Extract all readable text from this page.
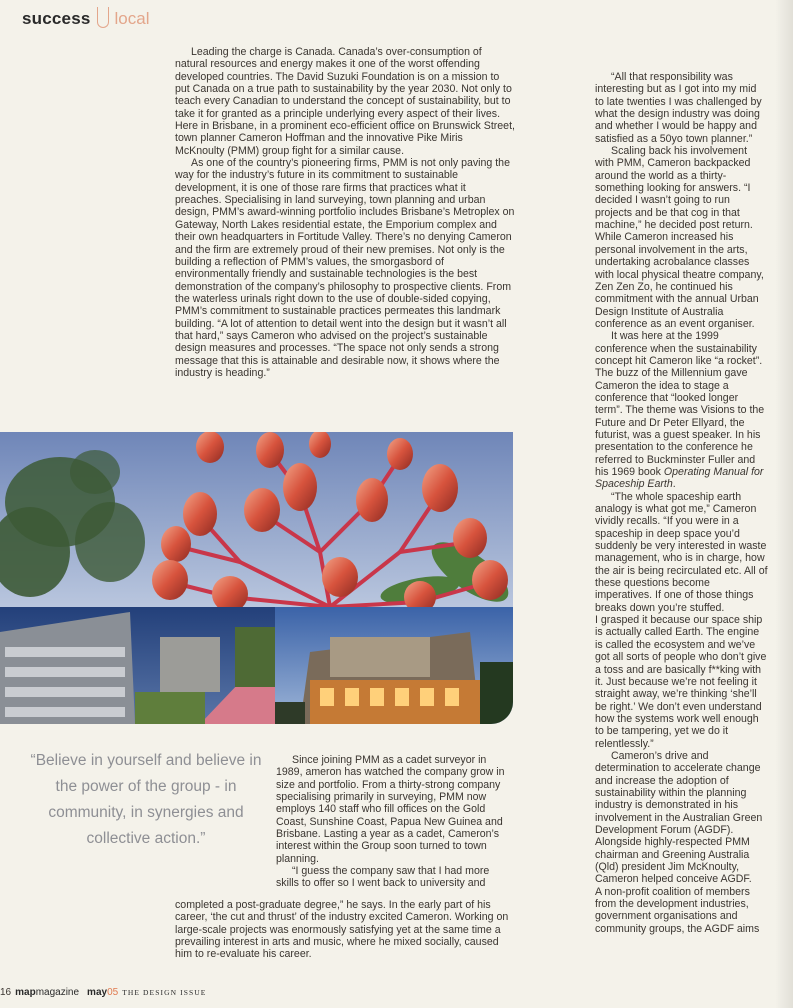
success local

Leading the charge is Canada. Canada’s over-consumption of natural resources and energy makes it one of the worst offending developed countries. The David Suzuki Foundation is on a mission to put Canada on a true path to sustainability by the year 2030. Not only to teach every Canadian to understand the concept of sustainability, but to take it for granted as a principle underlying every aspect of their lives. Here in Brisbane, in a prominent eco-efficient office on Brunswick Street, town planner Cameron Hoffman and the innovative Pike Miris McKnoulty (PMM) group fight for a similar cause.

As one of the country’s pioneering firms, PMM is not only paving the way for the industry’s future in its commitment to sustainable development, it is one of those rare firms that practices what it preaches. Specialising in land surveying, town planning and urban design, PMM’s award-winning portfolio includes Brisbane’s Metroplex on Gateway, North Lakes residential estate, the Emporium complex and their own headquarters in Fortitude Valley. There’s no denying Cameron and the firm are extremely proud of their new premises. Not only is the building a reflection of PMM’s values, the smorgasbord of environmentally friendly and sustainable technologies is the best demonstration of the company’s philosophy to prospective clients. From the waterless urinals right down to the use of double-sided copying, PMM’s commitment to sustainable practices permeates this landmark building. “A lot of attention to detail went into the design but it wasn’t all that hard,” says Cameron who advised on the project’s sustainable design measures and processes. “The space not only sends a strong message that this is attainable and desirable now, it shows where the industry is heading.”

“All that responsibility was interesting but as I got into my mid to late twenties I was challenged by what the design industry was doing and whether I would be happy and satisfied as a 50yo town planner.”

Scaling back his involvement with PMM, Cameron backpacked around the world as a thirty-something looking for answers. “I decided I wasn’t going to run projects and be that cog in that machine,” he decided post return. While Cameron increased his personal involvement in the arts, undertaking acrobalance classes with local physical theatre company, Zen Zen Zo, he continued his commitment with the annual Urban Design Institute of Australia conference as an event organiser.

It was here at the 1999 conference when the sustainability concept hit Cameron like “a rocket”. The buzz of the Millennium gave Cameron the idea to stage a conference that “looked longer term”. The theme was Visions to the Future and Dr Peter Ellyard, the futurist, was a guest speaker. In his presentation to the conference he referred to Buckminster Fuller and his 1969 book Operating Manual for Spaceship Earth.

“The whole spaceship earth analogy is what got me,” Cameron vividly recalls. “If you were in a spaceship in deep space you’d suddenly be very interested in waste management, who is in charge, how the air is being recirculated etc. All of these questions become imperatives. If one of those things breaks down you’re stuffed.

I grasped it because our space ship is actually called Earth. The engine is called the ecosystem and we’ve got all sorts of people who don’t give a toss and are basically f**king with it. Just because we’re not feeling it straight away, we’re thinking ‘she’ll be right.’ We don’t even understand how the systems work well enough to be tampering, yet we do it relentlessly.”

Cameron’s drive and determination to accelerate change and increase the adoption of sustainability within the planning industry is demonstrated in his involvement in the Australian Green Development Forum (AGDF). Alongside highly-respected PMM chairman and Greening Australia (Qld) president Jim McKnoulty, Cameron helped conceive AGDF.

A non-profit coalition of members from the development industries, government organisations and community groups, the AGDF aims

“Believe in yourself and believe in the power of the group - in community, in synergies and collective action.”

Since joining PMM as a cadet surveyor in 1989, ameron has watched the company grow in size and portfolio. From a thirty-strong company specialising primarily in surveying, PMM now employs 140 staff who fill offices on the Gold Coast, Sunshine Coast, Papua New Guinea and Brisbane. Lasting a year as a cadet, Cameron’s interest within the Group soon turned to town planning.

“I guess the company saw that I had more skills to offer so I went back to university and

completed a post-graduate degree,” he says. In the early part of his career, ‘the cut and thrust’ of the industry excited Cameron. Working on large-scale projects was enormously satisfying yet at the same time a prevailing interest in arts and music, where he mixed socially, caused him to re-evaluate his career.

16 map magazine may 05 THE DESIGN ISSUE
